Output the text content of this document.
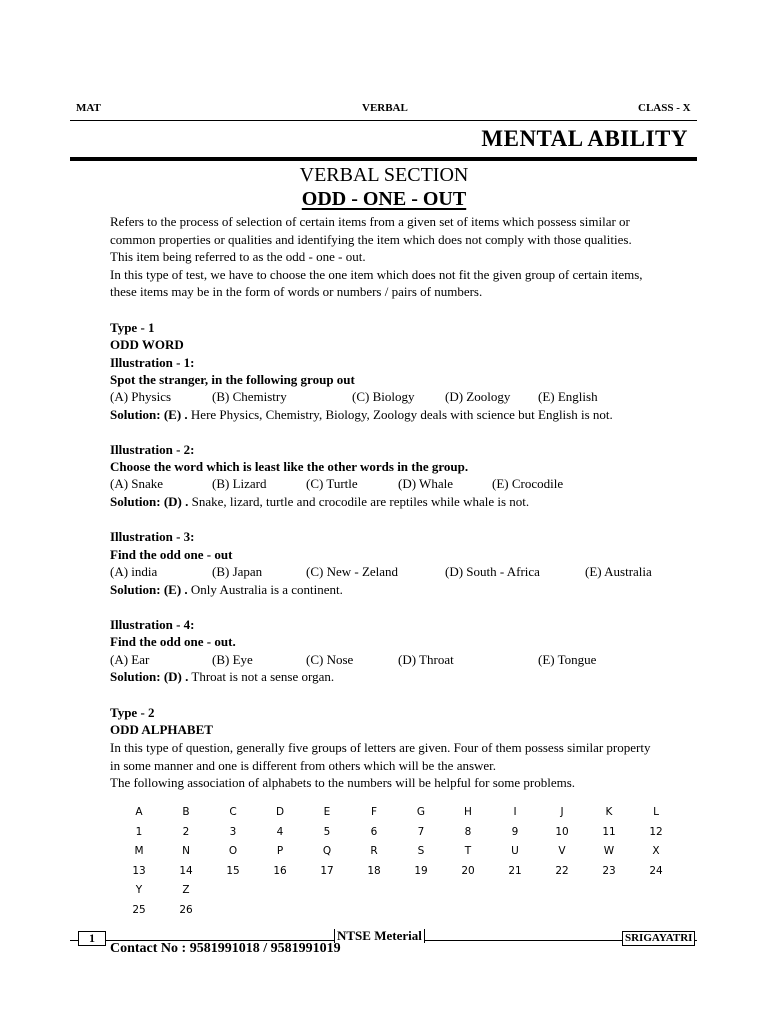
MAT	VERBAL	CLASS - X
MENTAL ABILITY
VERBAL SECTION
ODD - ONE - OUT
Refers to the process of selection of certain items from a given set of items which possess similar or
common properties or qualities and identifying the item which does not comply with those qualities.
This item being referred to as the odd - one - out.
In this type of test, we have to choose the one item which does not fit the given group of certain items,
these items may be in the form of words or numbers / pairs of numbers.
Type - 1
ODD WORD
Illustration - 1:
Spot the stranger, in the following group out
(A) Physics	(B) Chemistry	(C) Biology (D) Zoology (E) English
Solution: (E) . Here Physics, Chemistry, Biology, Zoology deals with science but English is not.
Illustration - 2:
Choose the word which is least like the other words in the group.
(A) Snake	(B) Lizard	(C) Turtle	(D) Whale	(E) Crocodile
Solution: (D) . Snake, lizard, turtle and crocodile are reptiles while whale is not.
Illustration - 3:
Find the odd one - out
(A) india	(B) Japan	(C) New - Zeland	(D) South - Africa	(E) Australia
Solution: (E) . Only Australia is a continent.
Illustration - 4:
Find the odd one - out.
(A) Ear	(B) Eye	(C) Nose	(D) Throat	(E) Tongue
Solution: (D) . Throat is not a sense organ.
Type - 2
ODD ALPHABET
In this type of question, generally five groups of letters are given. Four of them possess similar property
in some manner and one is different from others which will be the answer.
The following association of alphabets to the numbers will be helpful for some problems.
A	B	C	D	E	F	G	H	I	J	K	L
1	2	3	4	5	6	7	8	9	10	11	12
M	N	O	P	Q	R	S	T	U	V	W	X
13	14	15	16	17	18	19	20	21	22	23	24
Y	Z
25	26
1	NTSE Meterial	SRIGAYATRI
Contact No : 9581991018 / 9581991019
